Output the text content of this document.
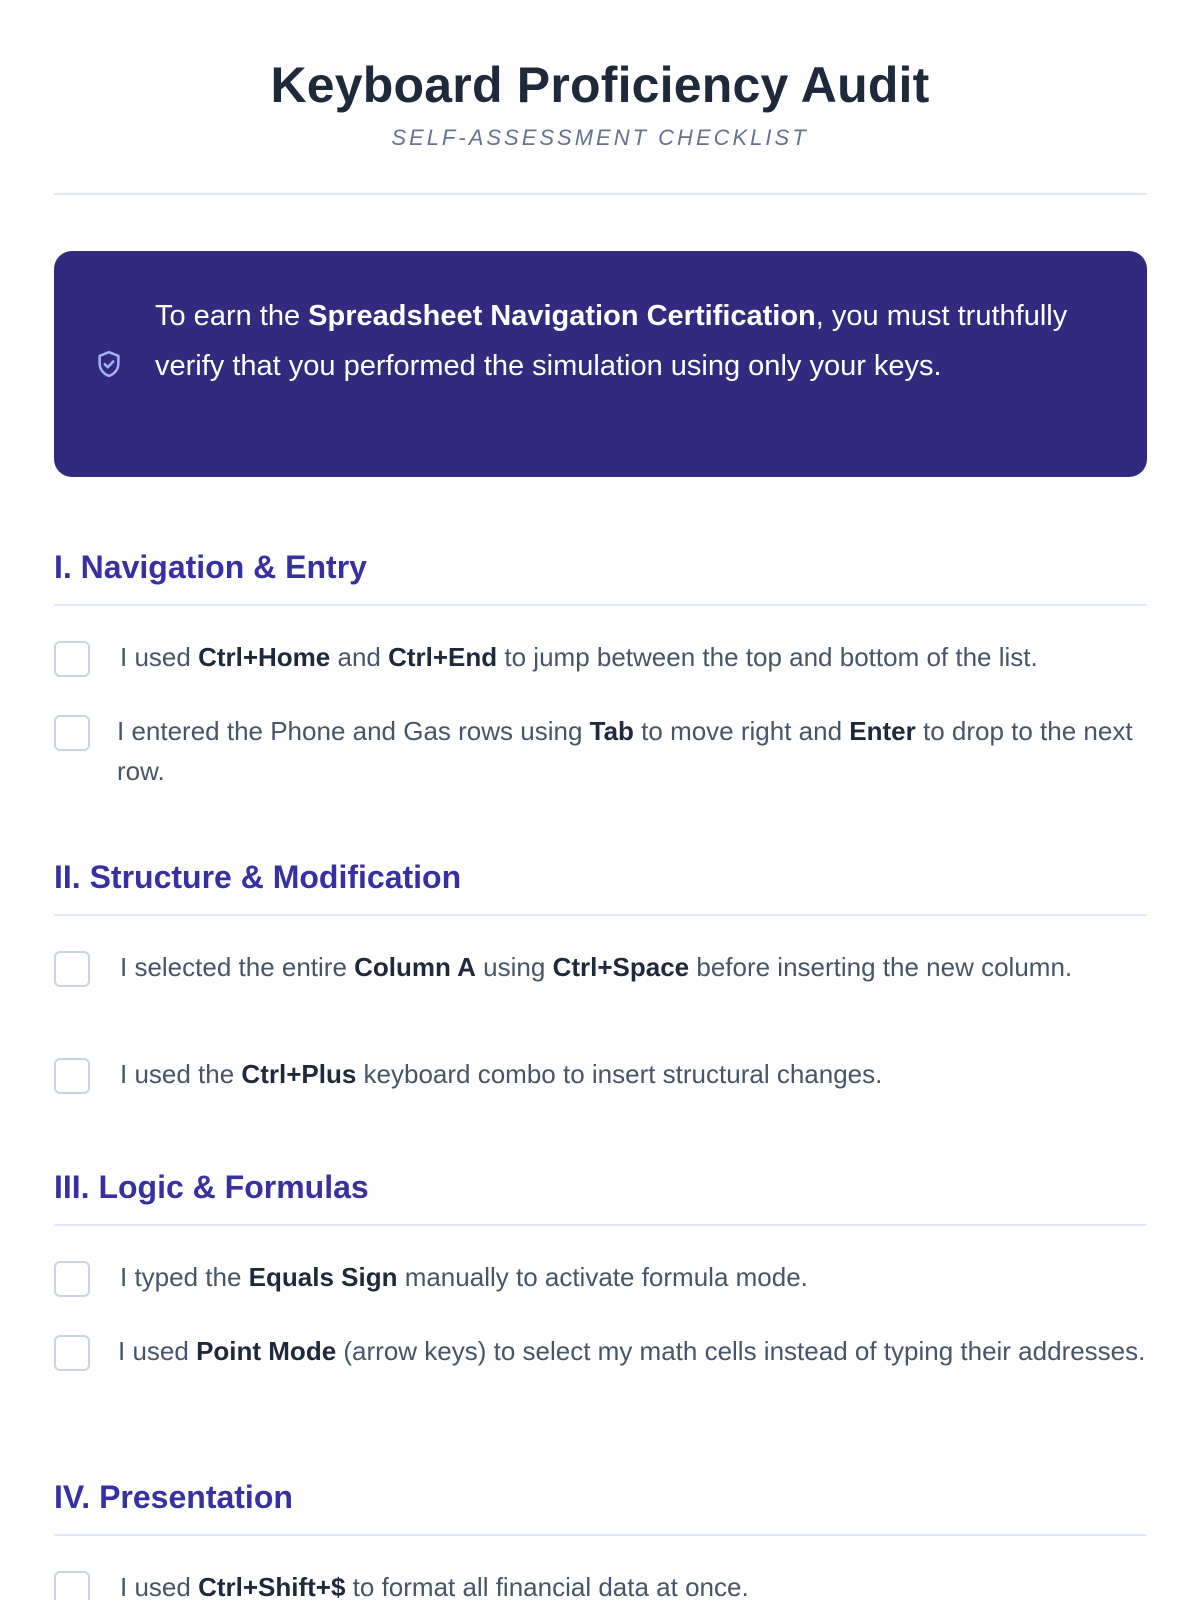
Keyboard Proficiency Audit
SELF-ASSESSMENT CHECKLIST
To earn the Spreadsheet Navigation Certification, you must truthfully verify that you performed the simulation using only your keys.
I. Navigation & Entry
I used Ctrl+Home and Ctrl+End to jump between the top and bottom of the list.
I entered the Phone and Gas rows using Tab to move right and Enter to drop to the next row.
II. Structure & Modification
I selected the entire Column A using Ctrl+Space before inserting the new column.
I used the Ctrl+Plus keyboard combo to insert structural changes.
III. Logic & Formulas
I typed the Equals Sign manually to activate formula mode.
I used Point Mode (arrow keys) to select my math cells instead of typing their addresses.
IV. Presentation
I used Ctrl+Shift+$ to format all financial data at once.
